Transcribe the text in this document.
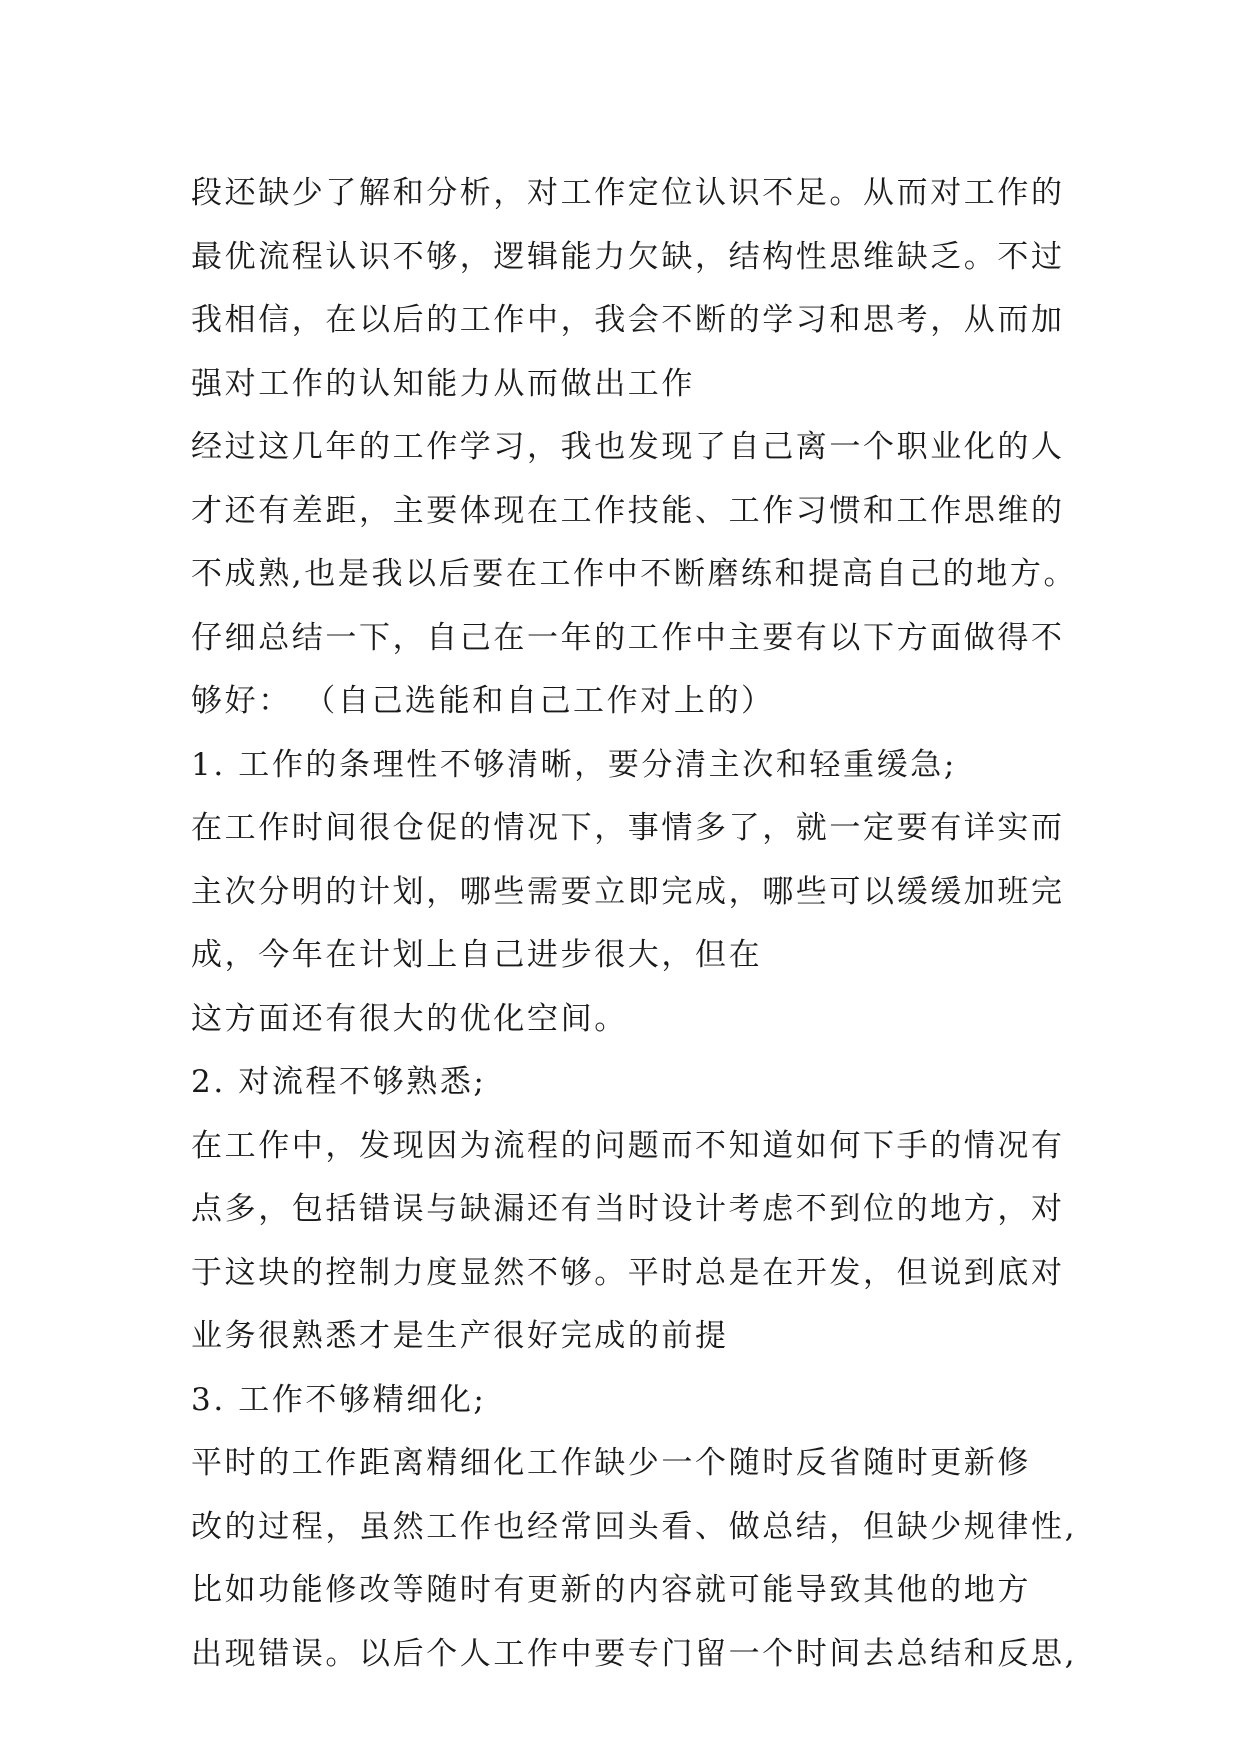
段还缺少了解和分析，对工作定位认识不足。从而对工作的
最优流程认识不够，逻辑能力欠缺，结构性思维缺乏。不过
我相信，在以后的工作中，我会不断的学习和思考，从而加
强对工作的认知能力从而做出工作
经过这几年的工作学习，我也发现了自己离一个职业化的人
才还有差距，主要体现在工作技能、工作习惯和工作思维的
不成熟,也是我以后要在工作中不断磨练和提高自己的地方。
仔细总结一下，自己在一年的工作中主要有以下方面做得不
够好： （自己选能和自己工作对上的）
1. 工作的条理性不够清晰，要分清主次和轻重缓急;
在工作时间很仓促的情况下，事情多了，就一定要有详实而
主次分明的计划，哪些需要立即完成，哪些可以缓缓加班完
成，今年在计划上自己进步很大，但在
这方面还有很大的优化空间。
2. 对流程不够熟悉;
在工作中，发现因为流程的问题而不知道如何下手的情况有
点多，包括错误与缺漏还有当时设计考虑不到位的地方，对
于这块的控制力度显然不够。平时总是在开发，但说到底对
业务很熟悉才是生产很好完成的前提
3. 工作不够精细化;
平时的工作距离精细化工作缺少一个随时反省随时更新修
改的过程，虽然工作也经常回头看、做总结，但缺少规律性,
比如功能修改等随时有更新的内容就可能导致其他的地方
出现错误。以后个人工作中要专门留一个时间去总结和反思,
